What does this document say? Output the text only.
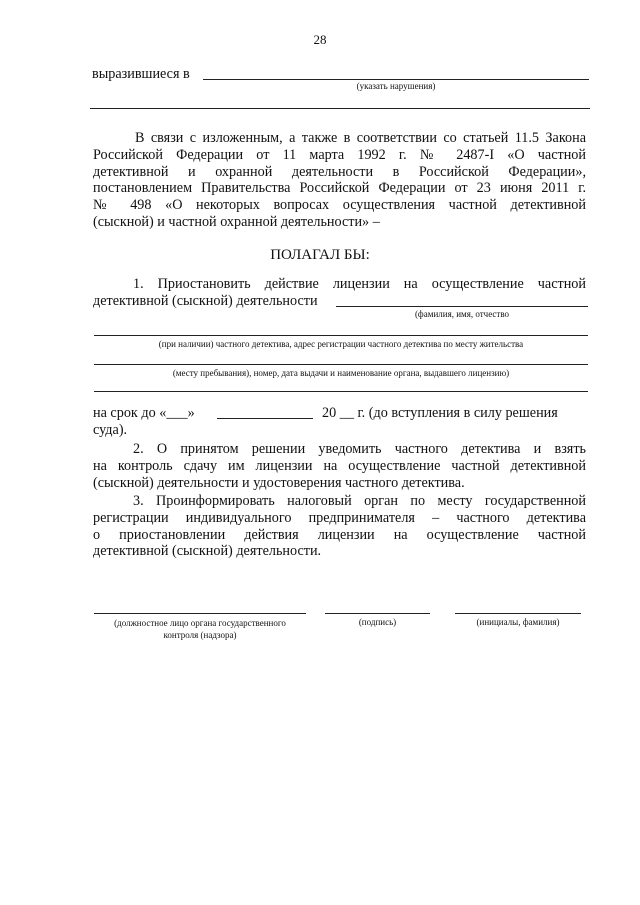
28
выразившиеся в
(указать нарушения)
В связи с изложенным, а также в соответствии со статьей 11.5 Закона
Российской Федерации от 11 марта 1992 г. № 2487-I «О частной
детективной и охранной деятельности в Российской Федерации»,
постановлением Правительства Российской Федерации от 23 июня 2011 г.
№ 498 «О некоторых вопросах осуществления частной детективной
(сыскной) и частной охранной деятельности» –
ПОЛАГАЛ БЫ:
1. Приостановить действие лицензии на осуществление частной
детективной (сыскной) деятельности
(фамилия, имя, отчество
(при наличии) частного детектива, адрес регистрации частного детектива по месту жительства
(месту пребывания), номер, дата выдачи и наименование органа, выдавшего лицензию)
на срок до «___»	20 __ г. (до вступления в силу решения
суда).
2. О принятом решении уведомить частного детектива и взять
на контроль сдачу им лицензии на осуществление частной детективной
(сыскной) деятельности и удостоверения частного детектива.
3. Проинформировать налоговый орган по месту государственной
регистрации индивидуального предпринимателя – частного детектива
о приостановлении действия лицензии на осуществление частной
детективной (сыскной) деятельности.
(должностное лицо органа государственного
контроля (надзора)
(подпись)	(инициалы, фамилия)
